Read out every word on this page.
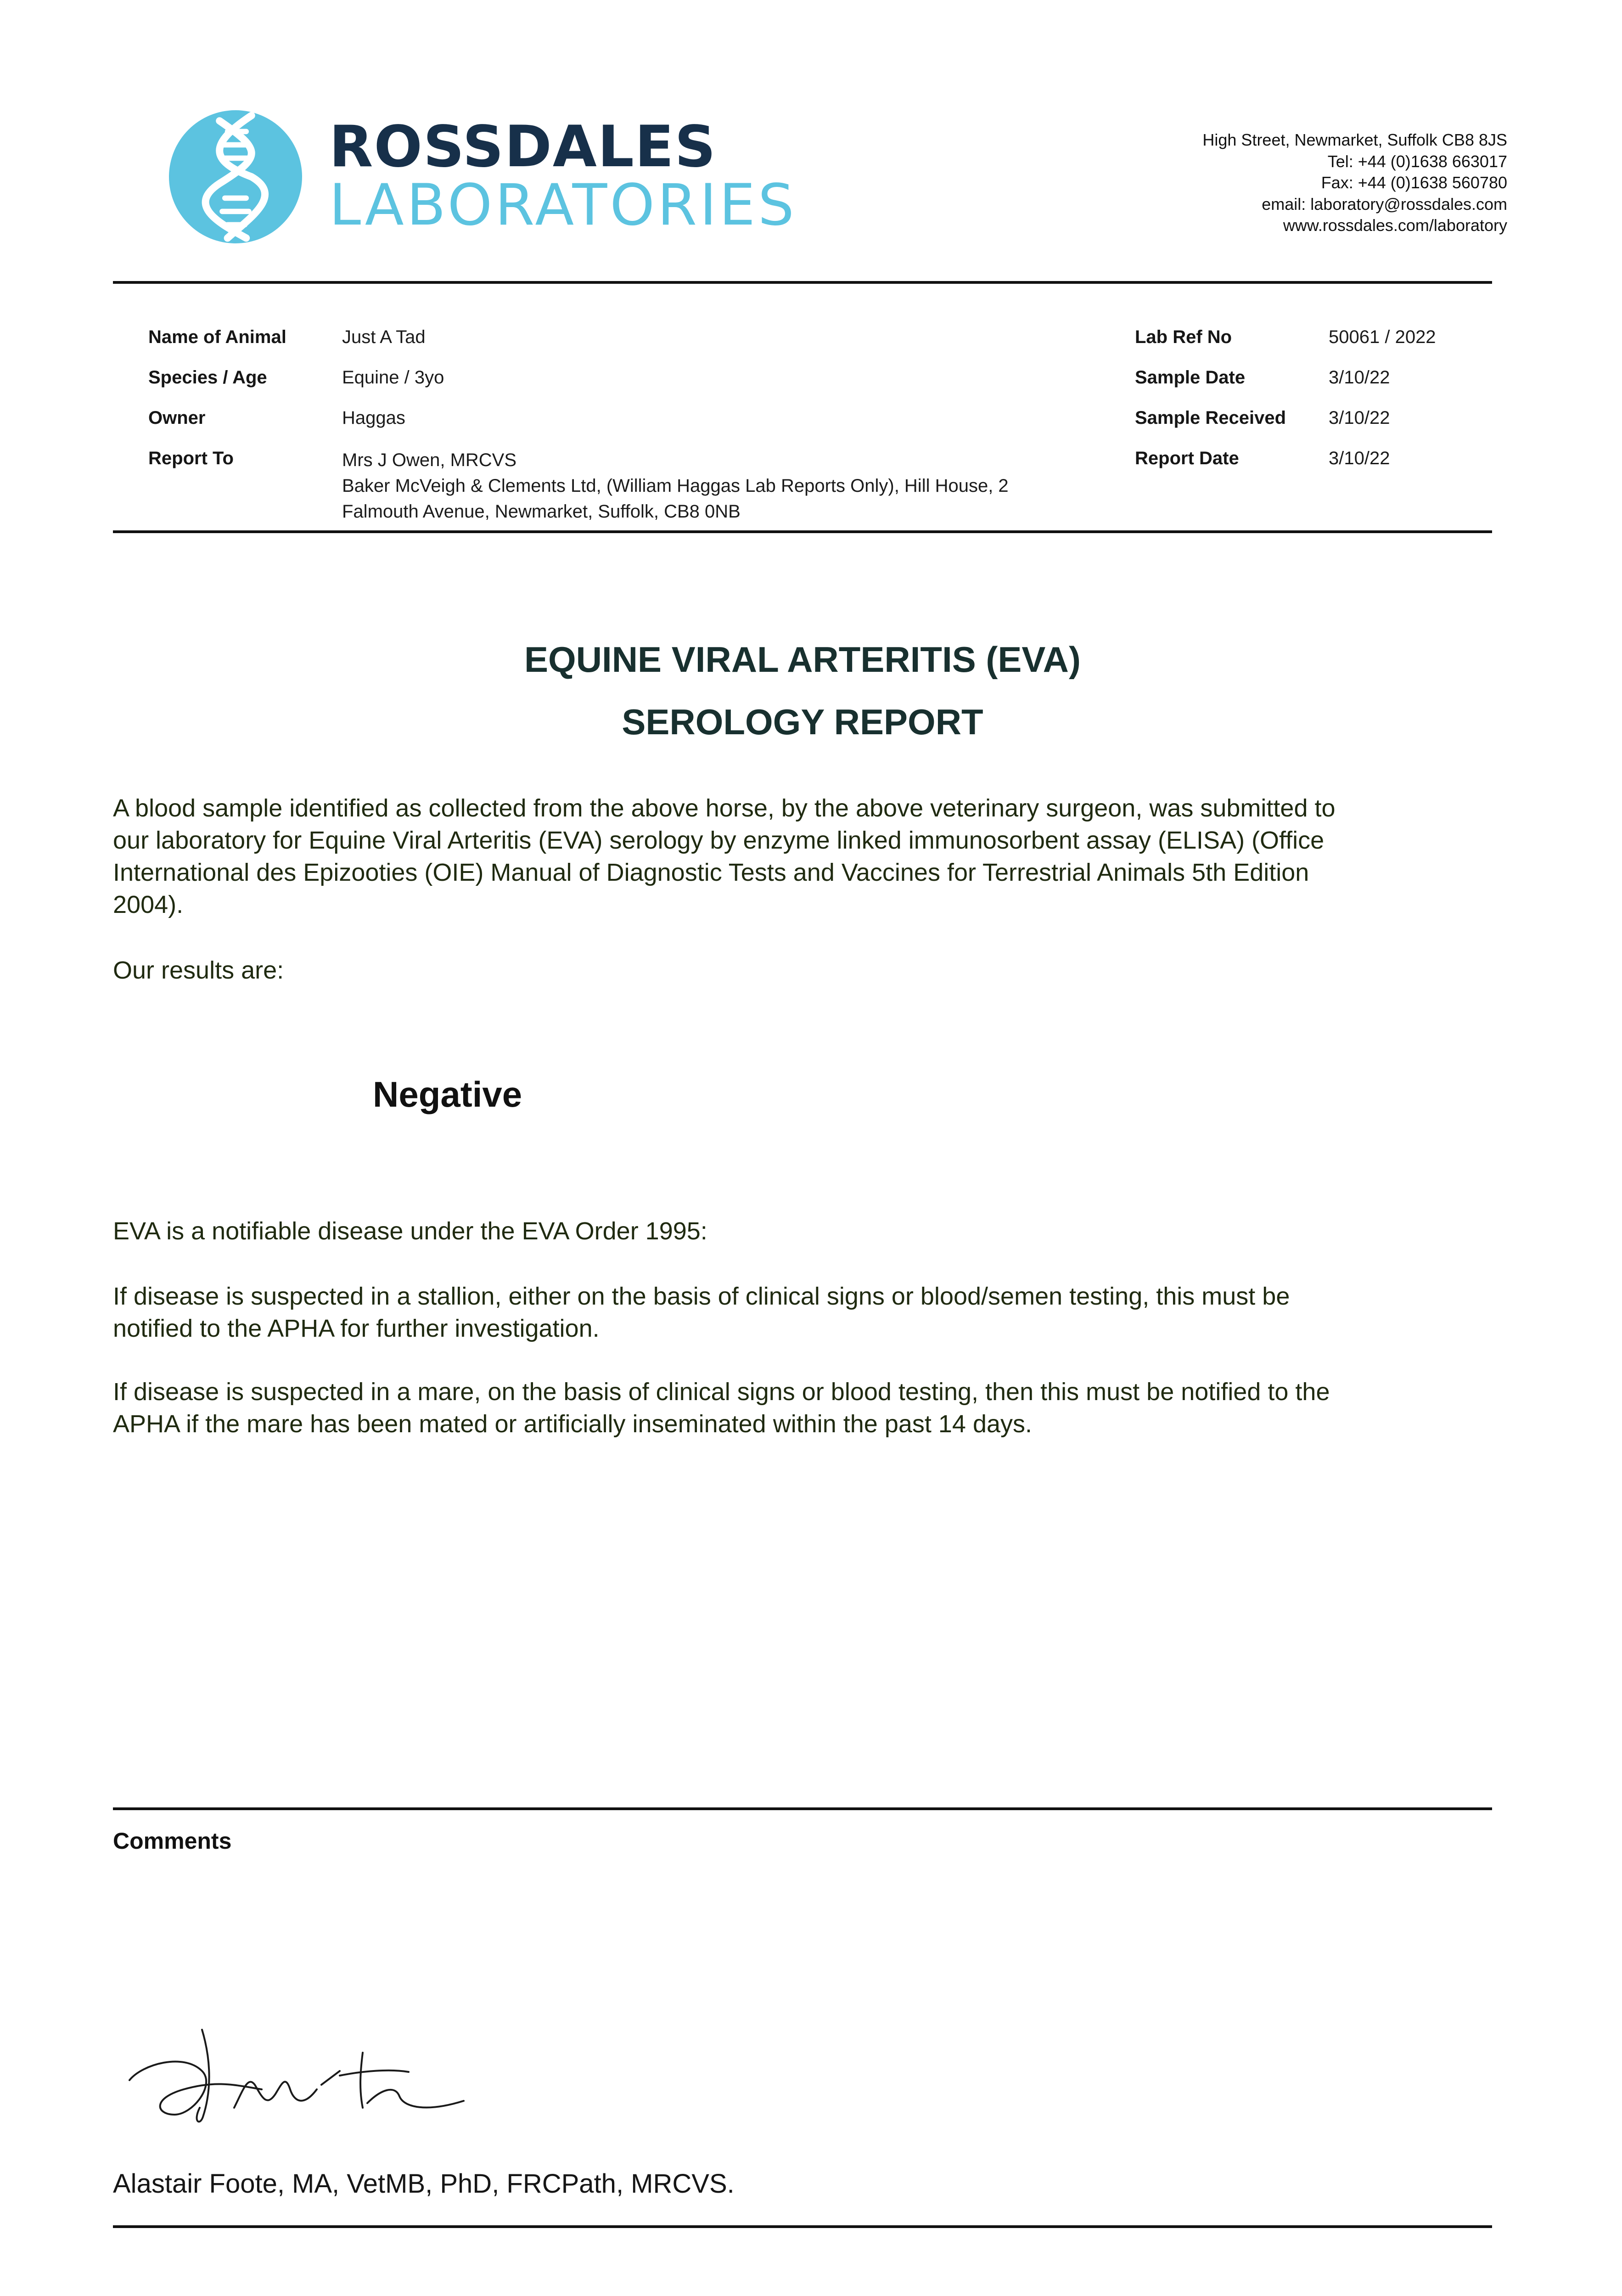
ROSSDALES
LABORATORIES
High Street, Newmarket, Suffolk CB8 8JS
Tel: +44 (0)1638 663017
Fax: +44 (0)1638 560780
email: laboratory@rossdales.com
www.rossdales.com/laboratory
Name of Animal	Just A Tad
Species / Age	Equine / 3yo
Owner	Haggas
Report To	Mrs J Owen, MRCVS
Baker McVeigh & Clements Ltd, (William Haggas Lab Reports Only), Hill House, 2
Falmouth Avenue, Newmarket, Suffolk, CB8 0NB
Lab Ref No	50061 / 2022
Sample Date	3/10/22
Sample Received 3/10/22
Report Date	3/10/22
EQUINE VIRAL ARTERITIS (EVA)
SEROLOGY REPORT
A blood sample identified as collected from the above horse, by the above veterinary surgeon, was submitted to
our laboratory for Equine Viral Arteritis (EVA) serology by enzyme linked immunosorbent assay (ELISA) (Office
International des Epizooties (OIE) Manual of Diagnostic Tests and Vaccines for Terrestrial Animals 5th Edition
2004).
Our results are:
Negative
EVA is a notifiable disease under the EVA Order 1995:
If disease is suspected in a stallion, either on the basis of clinical signs or blood/semen testing, this must be
notified to the APHA for further investigation.
If disease is suspected in a mare, on the basis of clinical signs or blood testing, then this must be notified to the
APHA if the mare has been mated or artificially inseminated within the past 14 days.
Comments
Alastair Foote, MA, VetMB, PhD, FRCPath, MRCVS.
